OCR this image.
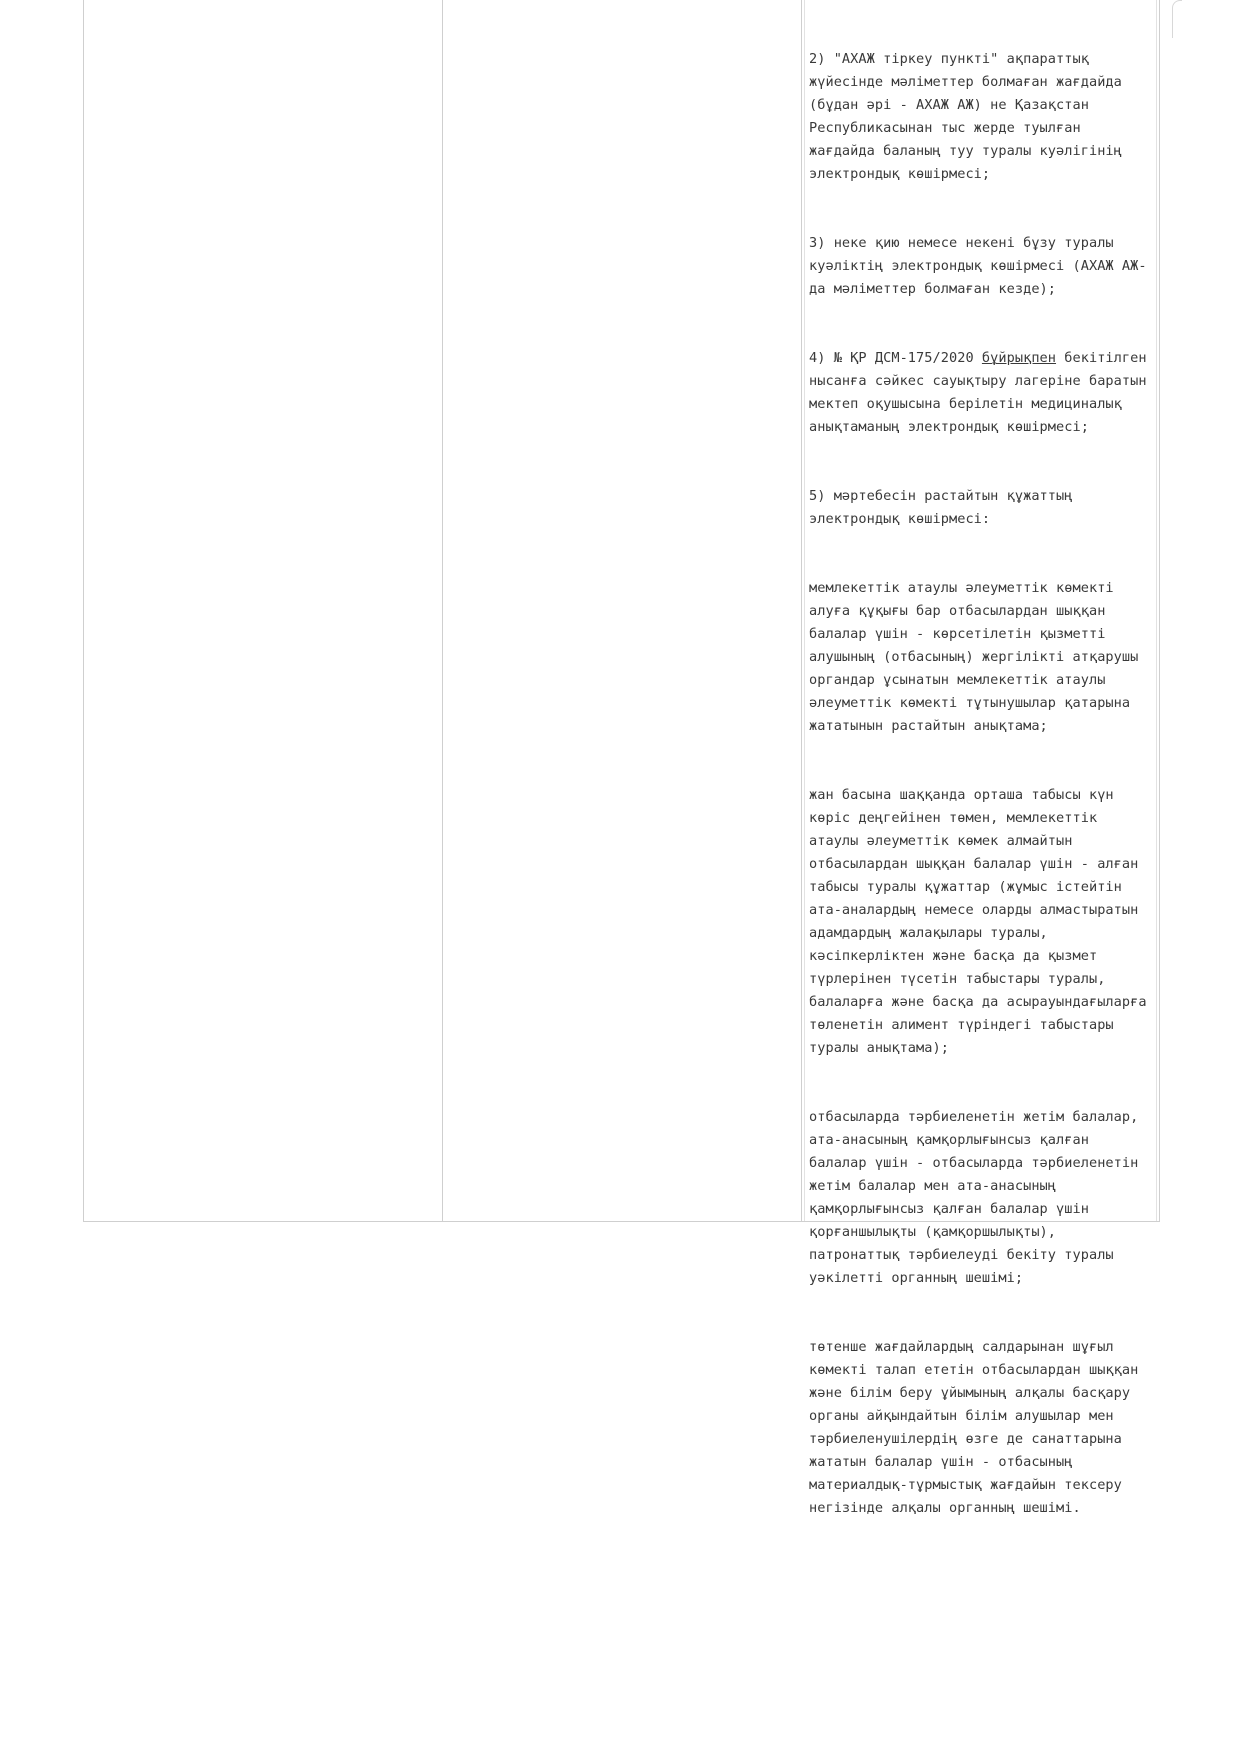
2) "АХАЖ тіркеу пункті" ақпараттық жүйесінде мәліметтер болмаған жағдайда (бұдан әрі - АХАЖ АЖ) не Қазақстан Республикасынан тыс жерде туылған жағдайда баланың туу туралы куәлігінің электрондық көшірмесі;

3) неке қию немесе некені бұзу туралы куәліктің электрондық көшірмесі (АХАЖ АЖ-да мәліметтер болмаған кезде);

4) № ҚР ДСМ-175/2020 бұйрықпен бекітілген нысанға сәйкес сауықтыру лагеріне баратын мектеп оқушысына берілетін медициналық анықтаманың электрондық көшірмесі;

5) мәртебесін растайтын құжаттың электрондық көшірмесі:

мемлекеттік атаулы әлеуметтік көмекті алуға құқығы бар отбасылардан шыққан балалар үшін - көрсетілетін қызметті алушының (отбасының) жергілікті атқарушы органдар ұсынатын мемлекеттік атаулы әлеуметтік көмекті тұтынушылар қатарына жататынын растайтын анықтама;

жан басына шаққанда орташа табысы күн көріс деңгейінен төмен, мемлекеттік атаулы әлеуметтік көмек алмайтын отбасылардан шыққан балалар үшін - алған табысы туралы құжаттар (жұмыс істейтін ата-аналардың немесе оларды алмастыратын адамдардың жалақылары туралы, кәсіпкерліктен және басқа да қызмет түрлерінен түсетін табыстары туралы, балаларға және басқа да асырауындағыларға төленетін алимент түріндегі табыстары туралы анықтама);

отбасыларда тәрбиеленетін жетім балалар, ата-анасының қамқорлығынсыз қалған балалар үшін - отбасыларда тәрбиеленетін жетім балалар мен ата-анасының қамқорлығынсыз қалған балалар үшін қорғаншылықты (қамқоршылықты), патронаттық тәрбиелеуді бекіту туралы уәкілетті органның шешімі;

төтенше жағдайлардың салдарынан шұғыл көмекті талап ететін отбасылардан шыққан және білім беру ұйымының алқалы басқару органы айқындайтын білім алушылар мен тәрбиеленушілердің өзге де санаттарына жататын балалар үшін - отбасының материалдық-тұрмыстық жағдайын тексеру негізінде алқалы органның шешімі.
